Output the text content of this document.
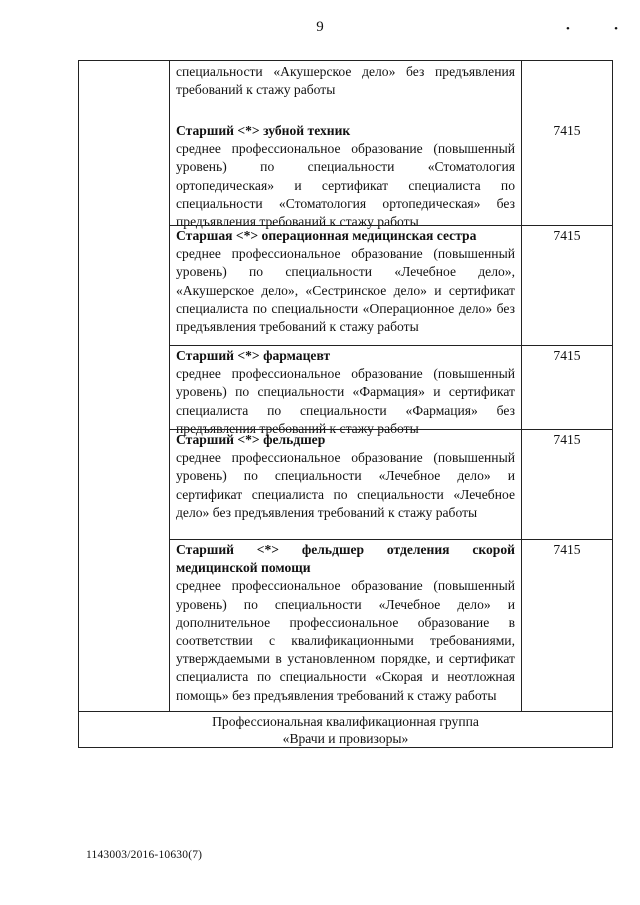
9	•	•
специальности «Акушерское дело» без предъявления требований к стажу работы
Старший <*> зубной техник
среднее профессиональное образование (повышенный уровень) по специальности «Стоматология ортопедическая» и сертификат специалиста по специальности «Стоматология ортопедическая» без предъявления требований к стажу работы
7415
Старшая <*> операционная медицинская сестра
среднее профессиональное образование (повышенный уровень) по специальности «Лечебное дело», «Акушерское дело», «Сестринское дело» и сертификат специалиста по специальности «Операционное дело» без предъявления требований к стажу работы
7415
Старший <*> фармацевт
среднее профессиональное образование (повышенный уровень) по специальности «Фармация» и сертификат специалиста по специальности «Фармация» без предъявления требований к стажу работы
7415
Старший <*> фельдшер
среднее профессиональное образование (повышенный уровень) по специальности «Лечебное дело» и сертификат специалиста по специальности «Лечебное дело» без предъявления требований к стажу работы
7415
Старший <*> фельдшер отделения скорой медицинской помощи
среднее профессиональное образование (повышенный уровень) по специальности «Лечебное дело» и дополнительное профессиональное образование в соответствии с квалификационными требованиями, утверждаемыми в установленном порядке, и сертификат специалиста по специальности «Скорая и неотложная помощь» без предъявления требований к стажу работы
7415
Профессиональная квалификационная группа
«Врачи и провизоры»
1143003/2016-10630(7)
